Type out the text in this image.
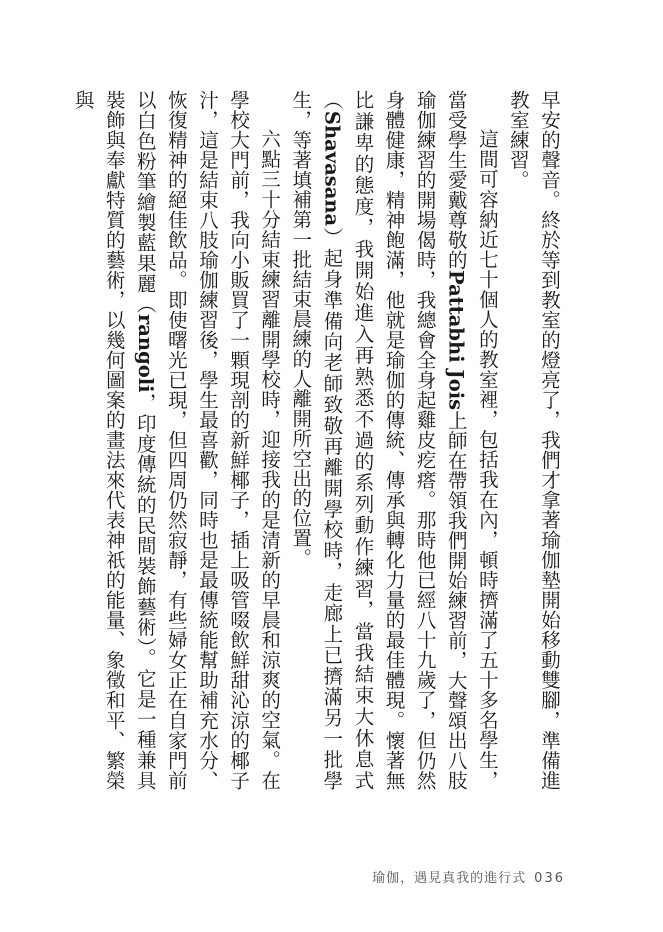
早安的聲音。終於等到教室的燈亮了，我們才拿著瑜伽墊開始移動雙腳，準備進教室練習。

這間可容納近七十個人的教室裡，包括我在內，頓時擠滿了五十多名學生，當受學生愛戴尊敬的Pattabhi Jois上師在帶領我們開始練習前，大聲頌出八肢瑜伽練習的開場偈時，我總會全身起雞皮疙瘩。那時他已經八十九歲了，但仍然身體健康，精神飽滿，他就是瑜伽的傳統、傳承與轉化力量的最佳體現。懷著無比謙卑的態度，我開始進入再熟悉不過的系列動作練習，當我結束大休息式（Shavasana）起身準備向老師致敬再離開學校時，走廊上已擠滿另一批學生，等著填補第一批結束晨練的人離開所空出的位置。

六點三十分結束練習離開學校時，迎接我的是清新的早晨和涼爽的空氣。在學校大門前，我向小販買了一顆現剖的新鮮椰子，插上吸管啜飲鮮甜沁涼的椰子汁，這是結束八肢瑜伽練習後，學生最喜歡，同時也是最傳統能幫助補充水分、恢復精神的絕佳飲品。即使曙光已現，但四周仍然寂靜，有些婦女正在自家門前以白色粉筆繪製藍果麗（rangoli，印度傳統的民間裝飾藝術）。它是一種兼具裝飾與奉獻特質的藝術，以幾何圖案的畫法來代表神祇的能量、象徵和平、繁榮與

瑜伽，遇見真我的進行式 036
